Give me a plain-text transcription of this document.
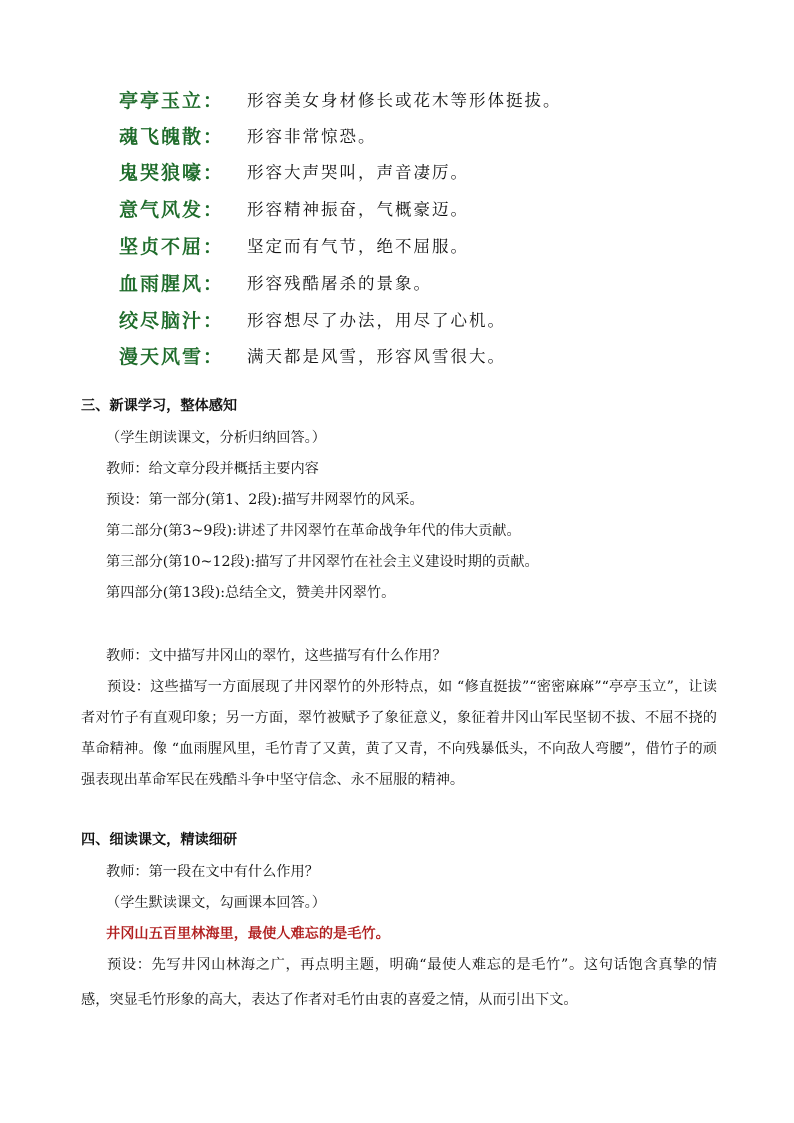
亭亭玉立： 形容美女身材修长或花木等形体挺拔。
魂飞魄散： 形容非常惊恐。
鬼哭狼嚎： 形容大声哭叫，声音凄厉。
意气风发： 形容精神振奋，气概豪迈。
坚贞不屈： 坚定而有气节，绝不屈服。
血雨腥风： 形容残酷屠杀的景象。
绞尽脑汁： 形容想尽了办法，用尽了心机。
漫天风雪： 满天都是风雪，形容风雪很大。
三、新课学习，整体感知
（学生朗读课文，分析归纳回答。）
教师：给文章分段并概括主要内容
预设：第一部分(第1、2段):描写井网翠竹的风采。
第二部分(第3~9段):讲述了井冈翠竹在革命战争年代的伟大贡献。
第三部分(第10~12段):描写了井冈翠竹在社会主义建设时期的贡献。
第四部分(第13段):总结全文，赞美井冈翠竹。
教师：文中描写井冈山的翠竹，这些描写有什么作用？
预设：这些描写一方面展现了井冈翠竹的外形特点，如 “修直挺拔”“密密麻麻”“亭亭玉立”，让读者对竹子有直观印象；另一方面，翠竹被赋予了象征意义，象征着井冈山军民坚韧不拔、不屈不挠的革命精神。像 “血雨腥风里，毛竹青了又黄，黄了又青，不向残暴低头，不向敌人弯腰”，借竹子的顽强表现出革命军民在残酷斗争中坚守信念、永不屈服的精神。
四、细读课文，精读细研
教师：第一段在文中有什么作用？
（学生默读课文，勾画课本回答。）
井冈山五百里林海里，最使人难忘的是毛竹。
预设：先写井冈山林海之广，再点明主题，明确“最使人难忘的是毛竹”。这句话饱含真挚的情感，突显毛竹形象的高大，表达了作者对毛竹由衷的喜爱之情，从而引出下文。
